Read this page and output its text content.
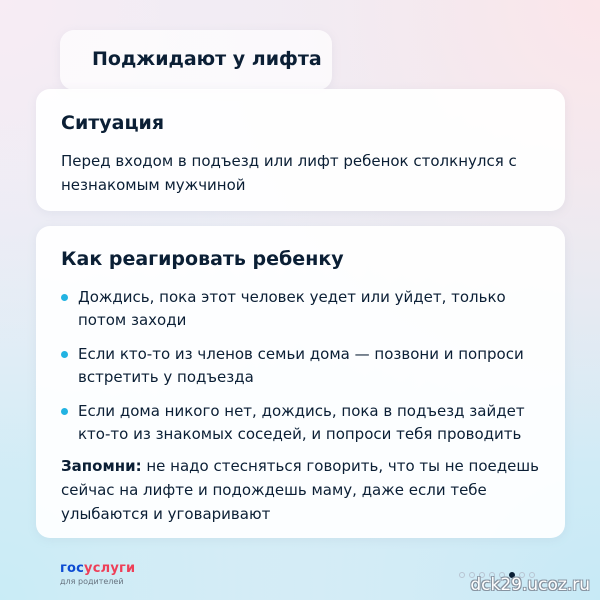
Поджидают у лифта
Ситуация

Перед входом в подъезд или лифт ребенок столкнулся с незнакомым мужчиной

Как реагировать ребенку
Дождись, пока этот человек уедет или уйдет, только потом заходи
Если кто-то из членов семьи дома — позвони и попроси встретить у подъезда
Если дома никого нет, дождись, пока в подъезд зайдет кто-то из знакомых соседей, и попроси тебя проводить

Запомни: не надо стесняться говорить, что ты не поедешь сейчас на лифте и подождешь маму, даже если тебе улыбаются и уговаривают

госуслуги
для родителей	dck29.ucoz.ru
